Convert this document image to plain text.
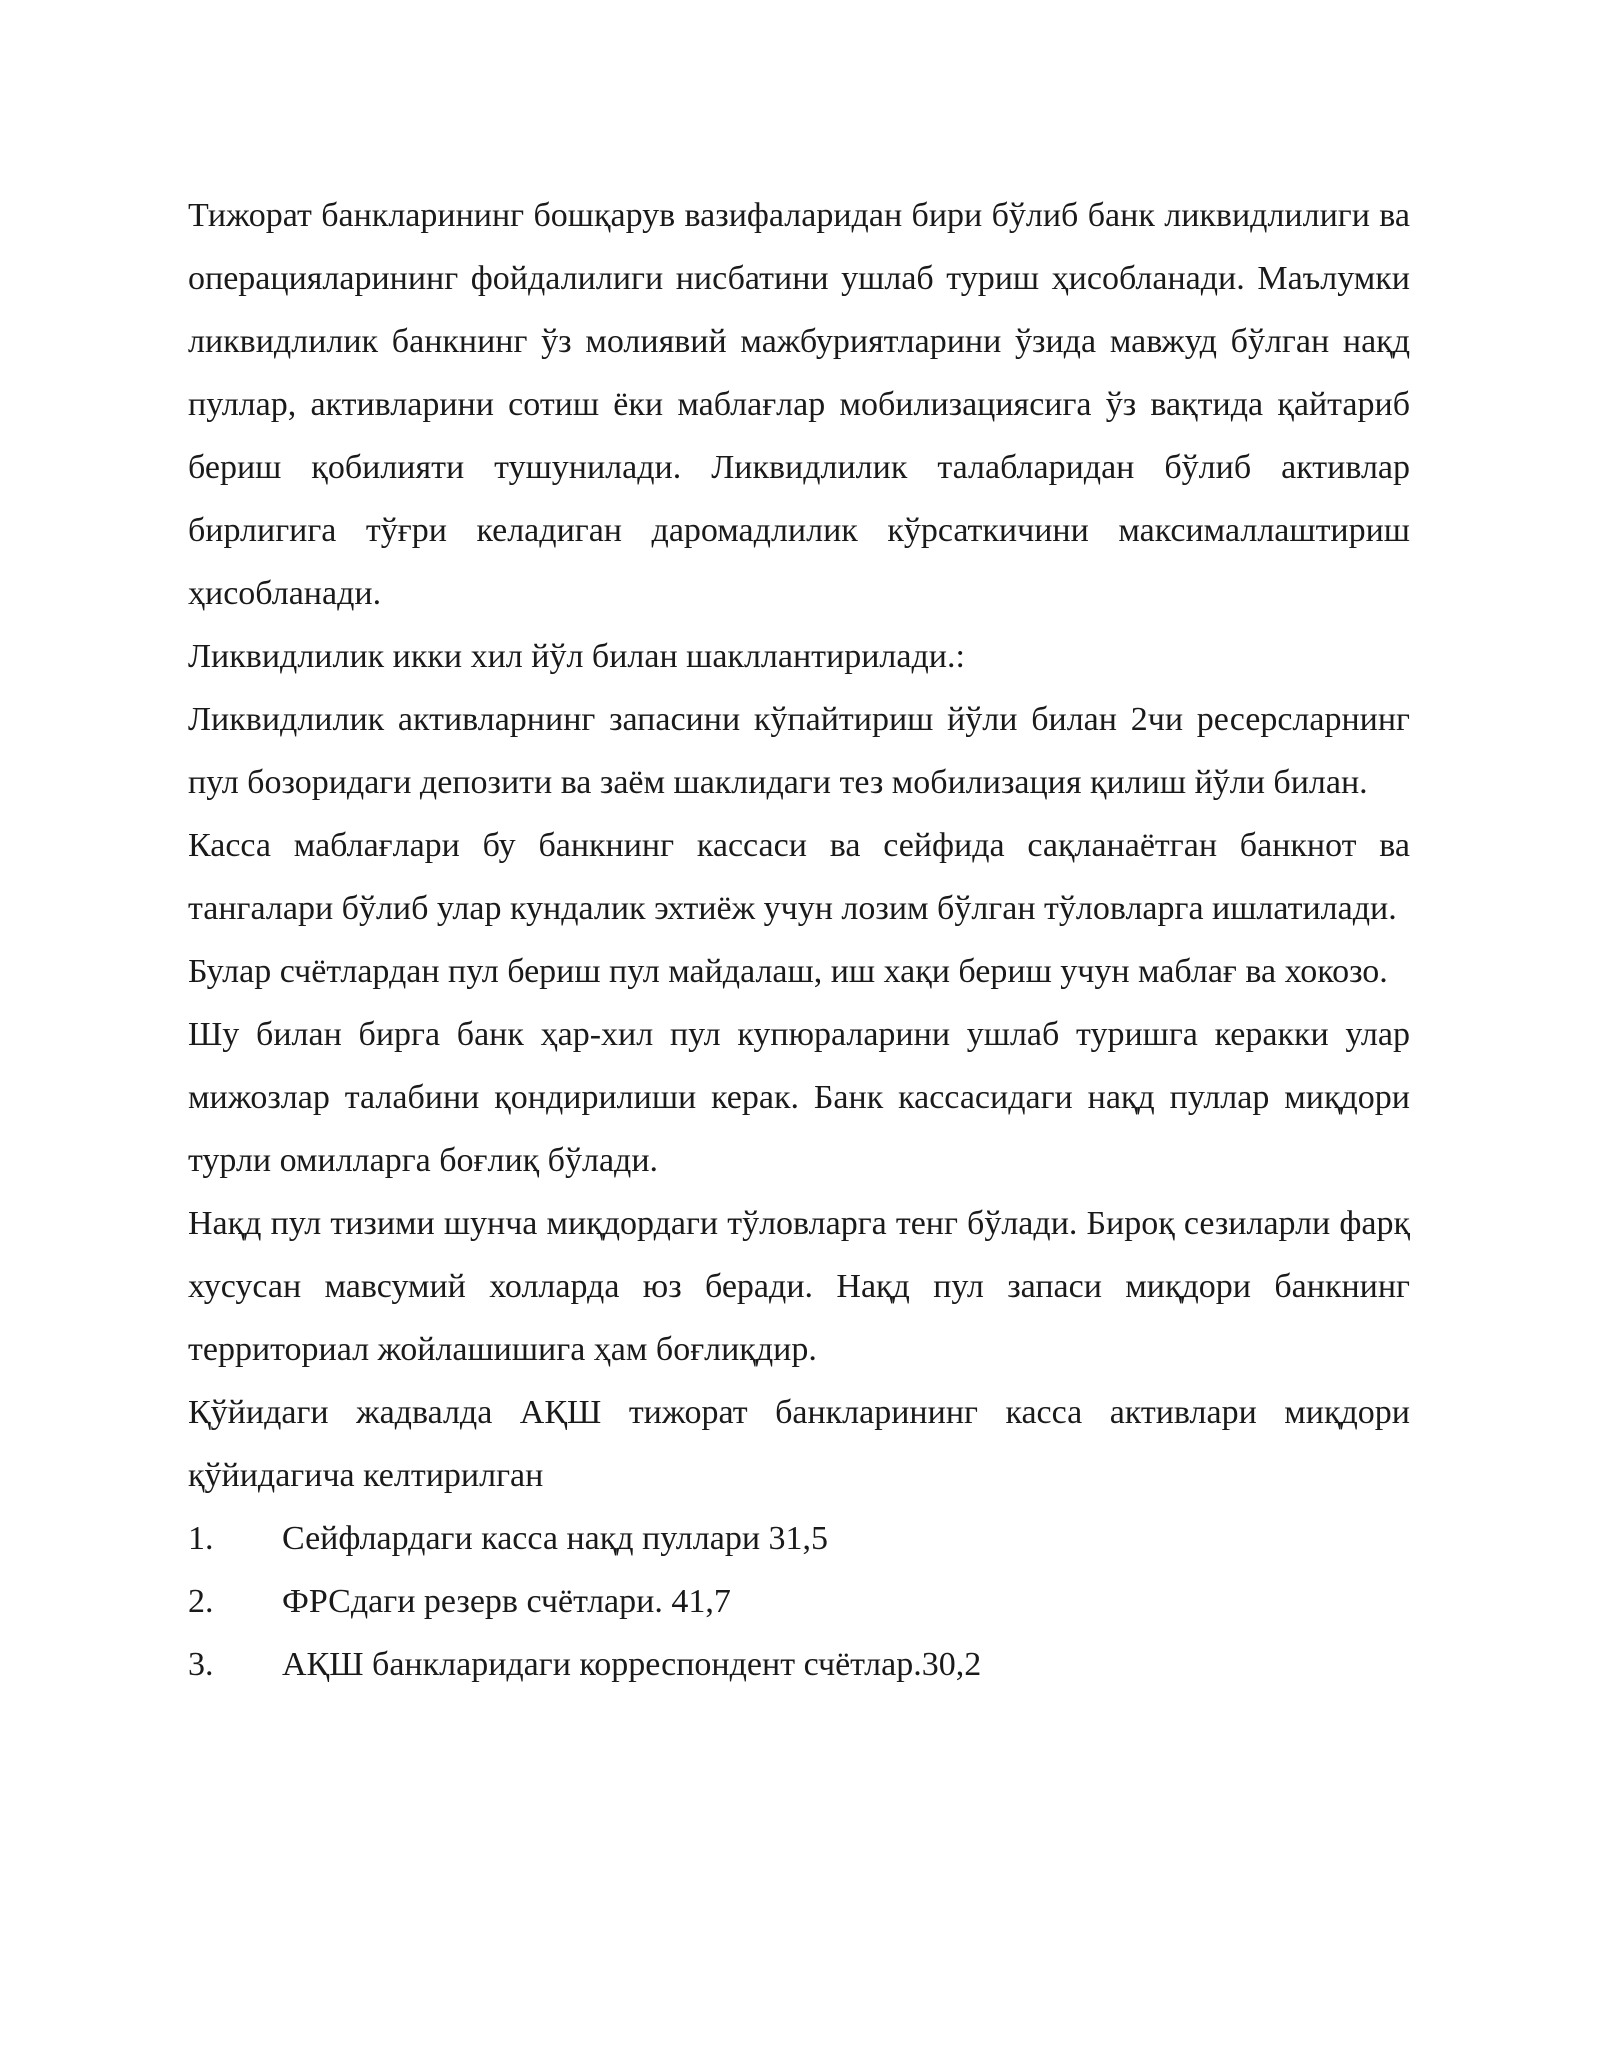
Тижорат банкларининг бошқарув вазифаларидан бири бўлиб банк ликвидлилиги ва операцияларининг фойдалилиги нисбатини ушлаб туриш ҳисобланади. Маълумки ликвидлилик банкнинг ўз молиявий мажбуриятларини ўзида мавжуд бўлган нақд пуллар, активларини сотиш ёки маблағлар мобилизациясига ўз вақтида қайтариб бериш қобилияти тушунилади. Ликвидлилик талабларидан бўлиб активлар бирлигига тўғри келадиган даромадлилик кўрсаткичини максималлаштириш ҳисобланади.

Ликвидлилик икки хил йўл билан шакллантирилади.:

Ликвидлилик активларнинг запасини кўпайтириш йўли билан 2чи ресерсларнинг пул бозоридаги депозити ва заём шаклидаги тез мобилизация қилиш йўли билан.

Касса маблағлари бу банкнинг кассаси ва сейфида сақланаётган банкнот ва тангалари бўлиб улар кундалик эхтиёж учун лозим бўлган тўловларга ишлатилади.

Булар счётлардан пул бериш пул майдалаш, иш хақи бериш учун маблағ ва хокозо.

Шу билан бирга банк ҳар-хил пул купюраларини ушлаб туришга керакки улар мижозлар талабини қондирилиши керак. Банк кассасидаги нақд пуллар миқдори турли омилларга боғлиқ бўлади.

Нақд пул тизими шунча миқдордаги тўловларга тенг бўлади. Бироқ сезиларли фарқ хусусан мавсумий холларда юз беради. Нақд пул запаси миқдори банкнинг территориал жойлашишига ҳам боғлиқдир.

Қўйидаги жадвалда АҚШ тижорат банкларининг касса активлари миқдори қўйидагича келтирилган

1.	Сейфлардаги касса нақд пуллари 31,5
2.	ФРСдаги резерв счётлари. 41,7
3.	АҚШ банкларидаги корреспондент счётлар.30,2
